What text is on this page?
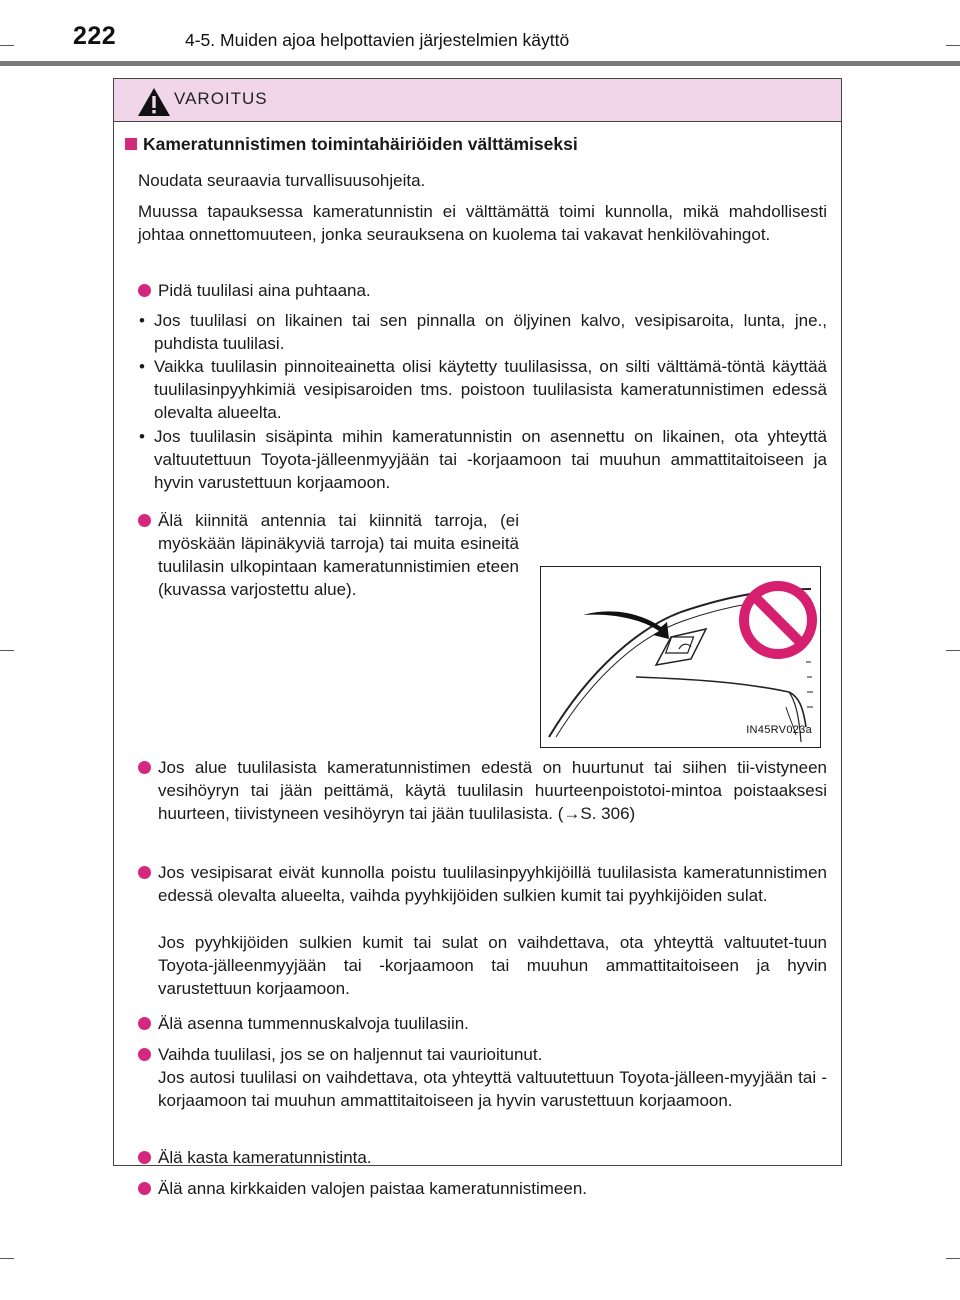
222	4-5. Muiden ajoa helpottavien järjestelmien käyttö
VAROITUS
Kameratunnistimen toimintahäiriöiden välttämiseksi
Noudata seuraavia turvallisuusohjeita.
Muussa tapauksessa kameratunnistin ei välttämättä toimi kunnolla, mikä mahdollisesti johtaa onnettomuuteen, jonka seurauksena on kuolema tai vakavat henkilövahingot.
Pidä tuulilasi aina puhtaana.
• Jos tuulilasi on likainen tai sen pinnalla on öljyinen kalvo, vesipisaroita, lunta, jne., puhdista tuulilasi.
• Vaikka tuulilasin pinnoiteainetta olisi käytetty tuulilasissa, on silti välttämä-töntä käyttää tuulilasinpyyhkimiä vesipisaroiden tms. poistoon tuulilasista kameratunnistimen edessä olevalta alueelta.
• Jos tuulilasin sisäpinta mihin kameratunnistin on asennettu on likainen, ota yhteyttä valtuutettuun Toyota-jälleenmyyjään tai -korjaamoon tai muuhun ammattitaitoiseen ja hyvin varustettuun korjaamoon.
Älä kiinnitä antennia tai kiinnitä tarroja, (ei myöskään läpinäkyviä tarroja) tai muita esineitä tuulilasin ulkopintaan kameratunnistimien eteen (kuvassa varjostettu alue).
IN45RV023a
Jos alue tuulilasista kameratunnistimen edestä on huurtunut tai siihen tii-vistyneen vesihöyryn tai jään peittämä, käytä tuulilasin huurteenpoistotoi-mintoa poistaaksesi huurteen, tiivistyneen vesihöyryn tai jään tuulilasista. (→S. 306)
Jos vesipisarat eivät kunnolla poistu tuulilasinpyyhkijöillä tuulilasista kameratunnistimen edessä olevalta alueelta, vaihda pyyhkijöiden sulkien kumit tai pyyhkijöiden sulat.
Jos pyyhkijöiden sulkien kumit tai sulat on vaihdettava, ota yhteyttä valtuutet-tuun Toyota-jälleenmyyjään tai -korjaamoon tai muuhun ammattitaitoiseen ja hyvin varustettuun korjaamoon.
Älä asenna tummennuskalvoja tuulilasiin.
Vaihda tuulilasi, jos se on haljennut tai vaurioitunut.
Jos autosi tuulilasi on vaihdettava, ota yhteyttä valtuutettuun Toyota-jälleen-myyjään tai -korjaamoon tai muuhun ammattitaitoiseen ja hyvin varustettuun korjaamoon.
Älä kasta kameratunnistinta.
Älä anna kirkkaiden valojen paistaa kameratunnistimeen.
